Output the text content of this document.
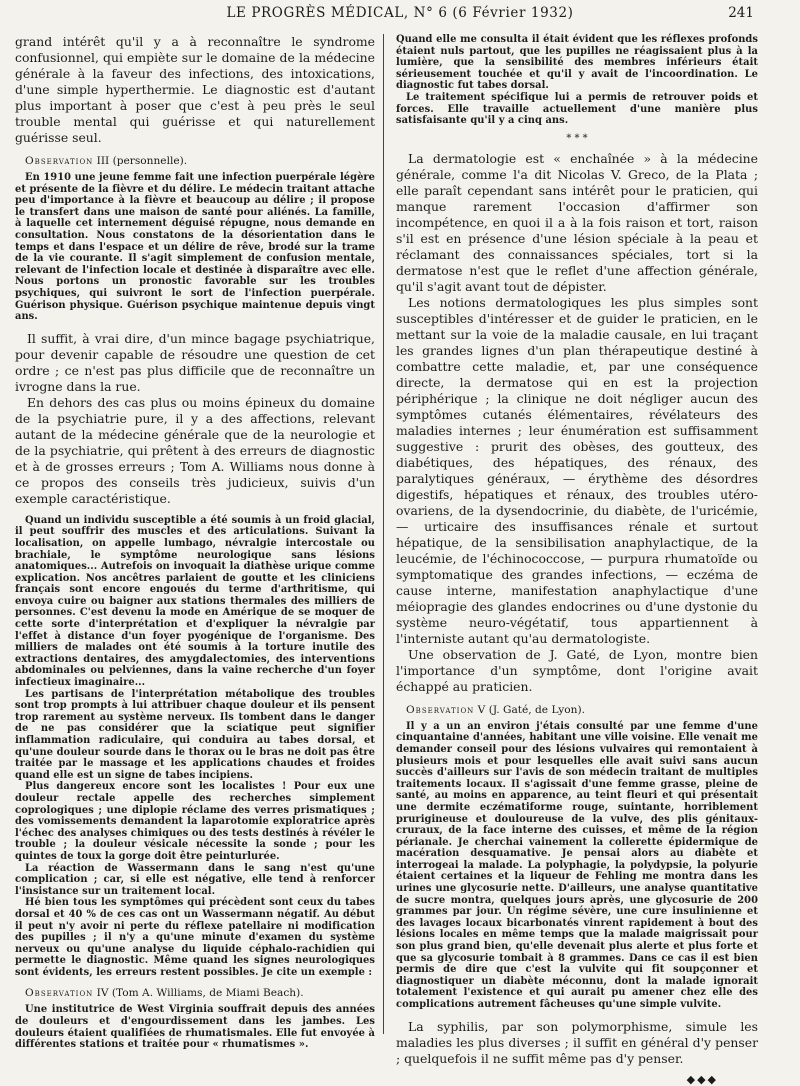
LE PROGRÈS MÉDICAL, N° 6 (6 Février 1932)	241

grand intérêt qu'il y a à reconnaître le syndrome confusionnel, qui empiète sur le domaine de la médecine générale à la faveur des infections, des intoxications, d'une simple hyperthermie. Le diagnostic est d'autant plus important à poser que c'est à peu près le seul trouble mental qui guérisse et qui naturellement guérisse seul.

Observation III (personnelle).

En 1910 une jeune femme fait une infection puerpérale légère et présente de la fièvre et du délire. Le médecin traitant attache peu d'importance à la fièvre et beaucoup au délire ; il propose le transfert dans une maison de santé pour aliénés. La famille, à laquelle cet internement déguisé répugne, nous demande en consultation. Nous constatons de la désorientation dans le temps et dans l'espace et un délire de rêve, brodé sur la trame de la vie courante. Il s'agit simplement de confusion mentale, relevant de l'infection locale et destinée à disparaître avec elle. Nous portons un pronostic favorable sur les troubles psychiques, qui suivront le sort de l'infection puerpérale. Guérison physique. Guérison psychique maintenue depuis vingt ans.

Il suffit, à vrai dire, d'un mince bagage psychiatrique, pour devenir capable de résoudre une question de cet ordre ; ce n'est pas plus difficile que de reconnaître un ivrogne dans la rue.

En dehors des cas plus ou moins épineux du domaine de la psychiatrie pure, il y a des affections, relevant autant de la médecine générale que de la neurologie et de la psychiatrie, qui prêtent à des erreurs de diagnostic et à de grosses erreurs ; Tom A. Williams nous donne à ce propos des conseils très judicieux, suivis d'un exemple caractéristique.

Quand un individu susceptible a été soumis à un froid glacial, il peut souffrir des muscles et des articulations. Suivant la localisation, on appelle lumbago, névralgie intercostale ou brachiale, le symptôme neurologique sans lésions anatomiques... Autrefois on invoquait la diathèse urique comme explication. Nos ancêtres parlaient de goutte et les cliniciens français sont encore engoués du terme d'arthritisme, qui envoya cuire ou baigner aux stations thermales des milliers de personnes. C'est devenu la mode en Amérique de se moquer de cette sorte d'interprétation et d'expliquer la névralgie par l'effet à distance d'un foyer pyogénique de l'organisme. Des milliers de malades ont été soumis à la torture inutile des extractions dentaires, des amygdalectomies, des interventions abdominales ou pelviennes, dans la vaine recherche d'un foyer infectieux imaginaire...

Les partisans de l'interprétation métabolique des troubles sont trop prompts à lui attribuer chaque douleur et ils pensent trop rarement au système nerveux. Ils tombent dans le danger de ne pas considérer que la sciatique peut signifier inflammation radiculaire, qui conduira au tabes dorsal, et qu'une douleur sourde dans le thorax ou le bras ne doit pas être traitée par le massage et les applications chaudes et froides quand elle est un signe de tabes incipiens.

Plus dangereux encore sont les localistes ! Pour eux une douleur rectale appelle des recherches simplement coprologiques ; une diplopie réclame des verres prismatiques ; des vomissements demandent la laparotomie exploratrice après l'échec des analyses chimiques ou des tests destinés à révéler le trouble ; la douleur vésicale nécessite la sonde ; pour les quintes de toux la gorge doit être peinturlurée.

La réaction de Wassermann dans le sang n'est qu'une complication ; car, si elle est négative, elle tend à renforcer l'insistance sur un traitement local.

Hé bien tous les symptômes qui précèdent sont ceux du tabes dorsal et 40 % de ces cas ont un Wassermann négatif. Au début il peut n'y avoir ni perte du réflexe patellaire ni modification des pupilles ; il n'y a qu'une minute d'examen du système nerveux ou qu'une analyse du liquide céphalo-rachidien qui permette le diagnostic. Même quand les signes neurologiques sont évidents, les erreurs restent possibles. Je cite un exemple :

Observation IV (Tom A. Williams, de Miami Beach).

Une institutrice de West Virginia souffrait depuis des années de douleurs et d'engourdissement dans les jambes. Les douleurs étaient qualifiées de rhumatismales. Elle fut envoyée à différentes stations et traitée pour « rhumatismes ».

Quand elle me consulta il était évident que les réflexes profonds étaient nuls partout, que les pupilles ne réagissaient plus à la lumière, que la sensibilité des membres inférieurs était sérieusement touchée et qu'il y avait de l'incoordination. Le diagnostic fut tabes dorsal.

Le traitement spécifique lui a permis de retrouver poids et forces. Elle travaille actuellement d'une manière plus satisfaisante qu'il y a cinq ans.

* * *

La dermatologie est « enchaînée » à la médecine générale, comme l'a dit Nicolas V. Greco, de la Plata ; elle paraît cependant sans intérêt pour le praticien, qui manque rarement l'occasion d'affirmer son incompétence, en quoi il a à la fois raison et tort, raison s'il est en présence d'une lésion spéciale à la peau et réclamant des connaissances spéciales, tort si la dermatose n'est que le reflet d'une affection générale, qu'il s'agit avant tout de dépister.

Les notions dermatologiques les plus simples sont susceptibles d'intéresser et de guider le praticien, en le mettant sur la voie de la maladie causale, en lui traçant les grandes lignes d'un plan thérapeutique destiné à combattre cette maladie, et, par une conséquence directe, la dermatose qui en est la projection périphérique ; la clinique ne doit négliger aucun des symptômes cutanés élémentaires, révélateurs des maladies internes ; leur énumération est suffisamment suggestive : prurit des obèses, des goutteux, des diabétiques, des hépatiques, des rénaux, des paralytiques généraux, — érythème des désordres digestifs, hépatiques et rénaux, des troubles utéro-ovariens, de la dysendocrinie, du diabète, de l'uricémie, — urticaire des insuffisances rénale et surtout hépatique, de la sensibilisation anaphylactique, de la leucémie, de l'échinococcose, — purpura rhumatoïde ou symptomatique des grandes infections, — eczéma de cause interne, manifestation anaphylactique d'une méiopragie des glandes endocrines ou d'une dystonie du système neuro-végétatif, tous appartiennent à l'interniste autant qu'au dermatologiste.

Une observation de J. Gaté, de Lyon, montre bien l'importance d'un symptôme, dont l'origine avait échappé au praticien.

Observation V (J. Gaté, de Lyon).

Il y a un an environ j'étais consulté par une femme d'une cinquantaine d'années, habitant une ville voisine. Elle venait me demander conseil pour des lésions vulvaires qui remontaient à plusieurs mois et pour lesquelles elle avait suivi sans aucun succès d'ailleurs sur l'avis de son médecin traitant de multiples traitements locaux. Il s'agissait d'une femme grasse, pleine de santé, au moins en apparence, au teint fleuri et qui présentait une dermite eczématiforme rouge, suintante, horriblement prurigineuse et douloureuse de la vulve, des plis génitaux-cruraux, de la face interne des cuisses, et même de la région périanale. Je cherchai vainement la collerette épidermique de macération desquamative. Je pensai alors au diabète et interrogeai la malade. La polyphagie, la polydypsie, la polyurie étaient certaines et la liqueur de Fehling me montra dans les urines une glycosurie nette. D'ailleurs, une analyse quantitative de sucre montra, quelques jours après, une glycosurie de 200 grammes par jour. Un régime sévère, une cure insulinienne et des lavages locaux bicarbonatés vinrent rapidement à bout des lésions locales en même temps que la malade maigrissait pour son plus grand bien, qu'elle devenait plus alerte et plus forte et que sa glycosurie tombait à 8 grammes. Dans ce cas il est bien permis de dire que c'est la vulvite qui fit soupçonner et diagnostiquer un diabète méconnu, dont la malade ignorait totalement l'existence et qui aurait pu amener chez elle des complications autrement fâcheuses qu'une simple vulvite.

La syphilis, par son polymorphisme, simule les maladies les plus diverses ; il suffit en général d'y penser ; quelquefois il ne suffit même pas d'y penser.

◆◆◆
